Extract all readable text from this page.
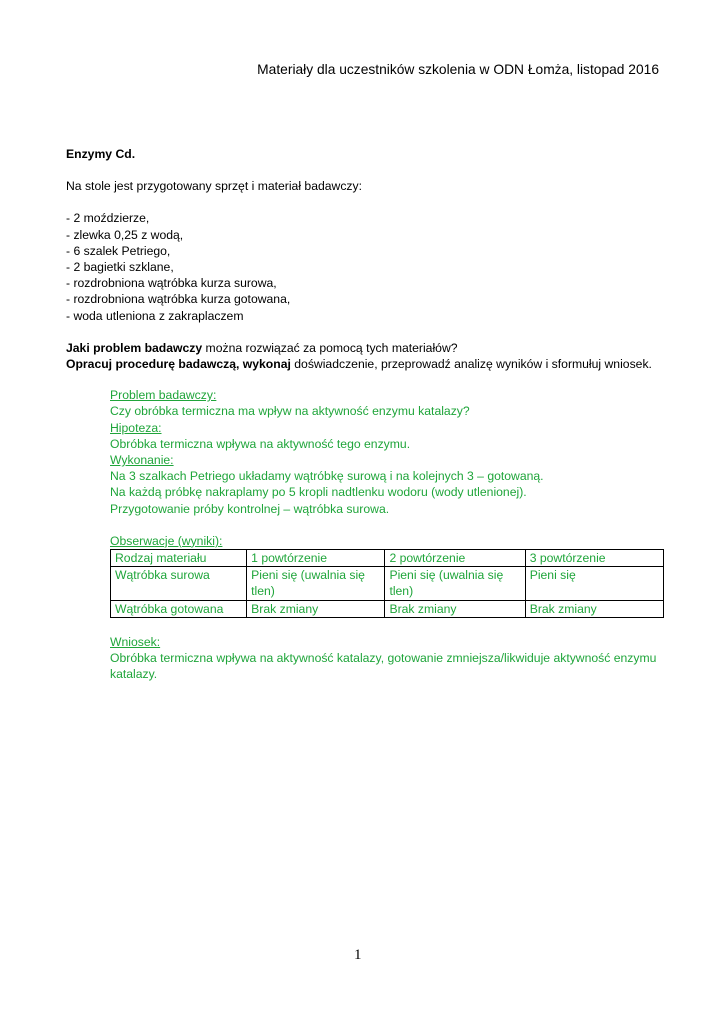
Materiały dla uczestników szkolenia w ODN Łomża, listopad 2016

Enzymy Cd.

Na stole jest przygotowany sprzęt i materiał badawczy:

- 2 moździerze,
- zlewka 0,25 z wodą,
- 6 szalek Petriego,
- 2 bagietki szklane,
- rozdrobniona wątróbka kurza surowa,
- rozdrobniona wątróbka kurza gotowana,
- woda utleniona z zakraplaczem

Jaki problem badawczy można rozwiązać za pomocą tych materiałów?

Opracuj procedurę badawczą, wykonaj doświadczenie, przeprowadź analizę wyników i sformułuj wniosek.

Problem badawczy:

Czy obróbka termiczna ma wpływ na aktywność enzymu katalazy?

Hipoteza:

Obróbka termiczna wpływa na aktywność tego enzymu.

Wykonanie:

Na 3 szalkach Petriego układamy wątróbkę surową i na kolejnych 3 – gotowaną.

Na każdą próbkę nakraplamy po 5 kropli nadtlenku wodoru (wody utlenionej).

Przygotowanie próby kontrolnej – wątróbka surowa.

Obserwacje (wyniki):

Rodzaj materiału	1 powtórzenie	2 powtórzenie	3 powtórzenie
Wątróbka surowa	Pieni się (uwalnia się tlen)	Pieni się (uwalnia się tlen)	Pieni się
Wątróbka gotowana	Brak zmiany	Brak zmiany	Brak zmiany

Wniosek:

Obróbka termiczna wpływa na aktywność katalazy, gotowanie zmniejsza/likwiduje aktywność enzymu katalazy.

1
